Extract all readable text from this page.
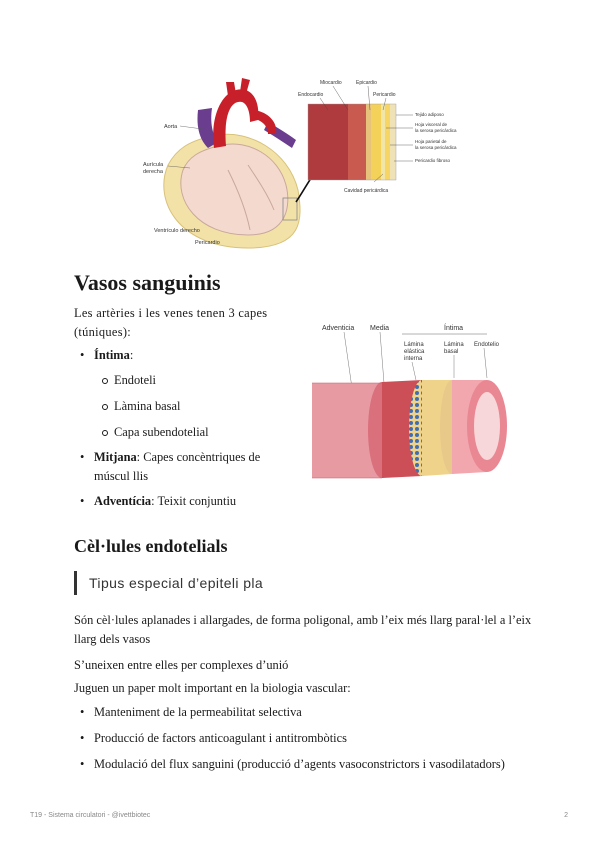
Aorta
Aurícula
derecha
Ventrículo derecho
Pericardio
Miocardio	Epicardio
Endocardio	Pericardio
Tejido adiposo
Hoja visceral de
la serosa pericárdica
Hoja parietal de
la serosa pericárdica
Pericardio fibroso
Cavidad pericárdica
Vasos sanguinis

Les artèries i les venes tenen 3 capes (túniques):

• Íntima:
Endoteli
Làmina basal
Capa subendotelial
• Mitjana: Capes concèntriques de múscul llis
• Adventícia: Teixit conjuntiu
Adventicia Media	Íntima
Lámina
elástica
interna
Lámina
basal
Endotelio
Cèl·lules endotelials
Tipus especial d’epiteli pla

Són cèl·lules aplanades i allargades, de forma poligonal, amb l’eix més llarg paral·lel a l’eix llarg dels vasos

S’uneixen entre elles per complexes d’unió

Juguen un paper molt important en la biologia vascular:

• Manteniment de la permeabilitat selectiva
• Producció de factors anticoagulant i antitrombòtics
• Modulació del flux sanguini (producció d’agents vasoconstrictors i vasodilatadors)
T19 - Sistema circulatori - @ivettbiotec	2
